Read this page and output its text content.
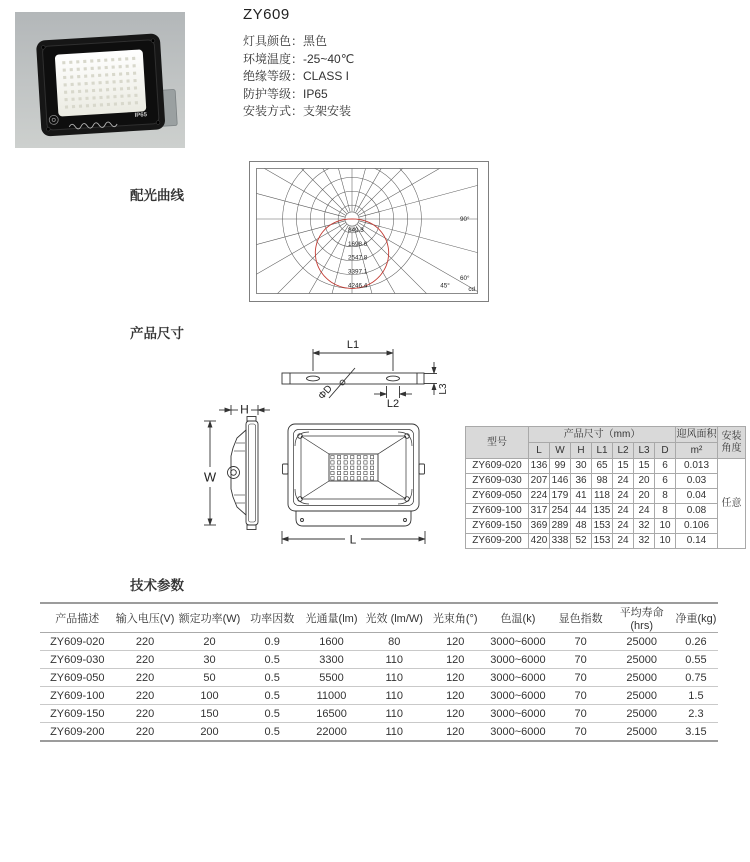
IP65
ZY609
灯具颜色：黑色
环境温度：-25~40℃
绝缘等级：CLASS I
防护等级：IP65
安装方式：支架安装
配光曲线
849.3
1698.6
2547.8
3397.1
4246.4
90°
60°
45°	cd
产品尺寸
L1
ΦD
L2
L3
H
W
L
型号	产品尺寸（mm）							迎风面积	安装角度
	L	W	H	L1	L2	L3	D	m²	
ZY609-020	136	99	30	65	15	15	6	0.013	任意
ZY609-030	207	146	36	98	24	20	6	0.03	
ZY609-050	224	179	41	118	24	20	8	0.04	
ZY609-100	317	254	44	135	24	24	8	0.08	
ZY609-150	369	289	48	153	24	32	10	0.106	
ZY609-200	420	338	52	153	24	32	10	0.14	
技术参数
产品描述	输入电压(V)	额定功率(W)	功率因数	光通量(lm)	光效 (lm/W)	光束角(°)	色温(k)	显色指数	平均寿命(hrs)	净重(kg)
ZY609-020	220	20	0.9	1600	80	120	3000~6000	70	25000	0.26
ZY609-030	220	30	0.5	3300	110	120	3000~6000	70	25000	0.55
ZY609-050	220	50	0.5	5500	110	120	3000~6000	70	25000	0.75
ZY609-100	220	100	0.5	11000	110	120	3000~6000	70	25000	1.5
ZY609-150	220	150	0.5	16500	110	120	3000~6000	70	25000	2.3
ZY609-200	220	200	0.5	22000	110	120	3000~6000	70	25000	3.15
